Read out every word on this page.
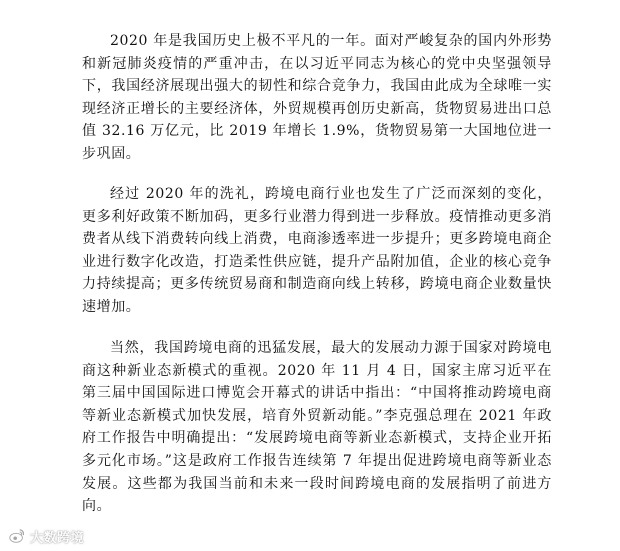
2020 年是我国历史上极不平凡的一年。面对严峻复杂的国内外形势和新冠肺炎疫情的严重冲击，在以习近平同志为核心的党中央坚强领导下，我国经济展现出强大的韧性和综合竞争力，我国由此成为全球唯一实现经济正增长的主要经济体，外贸规模再创历史新高，货物贸易进出口总值 32.16 万亿元，比 2019 年增长 1.9%，货物贸易第一大国地位进一步巩固。

经过 2020 年的洗礼，跨境电商行业也发生了广泛而深刻的变化，更多利好政策不断加码，更多行业潜力得到进一步释放。疫情推动更多消费者从线下消费转向线上消费，电商渗透率进一步提升；更多跨境电商企业进行数字化改造，打造柔性供应链，提升产品附加值，企业的核心竞争力持续提高；更多传统贸易商和制造商向线上转移，跨境电商企业数量快速增加。

当然，我国跨境电商的迅猛发展，最大的发展动力源于国家对跨境电商这种新业态新模式的重视。2020 年 11 月 4 日，国家主席习近平在第三届中国国际进口博览会开幕式的讲话中指出：“中国将推动跨境电商等新业态新模式加快发展，培育外贸新动能。”李克强总理在 2021 年政府工作报告中明确提出：“发展跨境电商等新业态新模式，支持企业开拓多元化市场。”这是政府工作报告连续第 7 年提出促进跨境电商等新业态发展。这些都为我国当前和未来一段时间跨境电商的发展指明了前进方向。

大数跨境
